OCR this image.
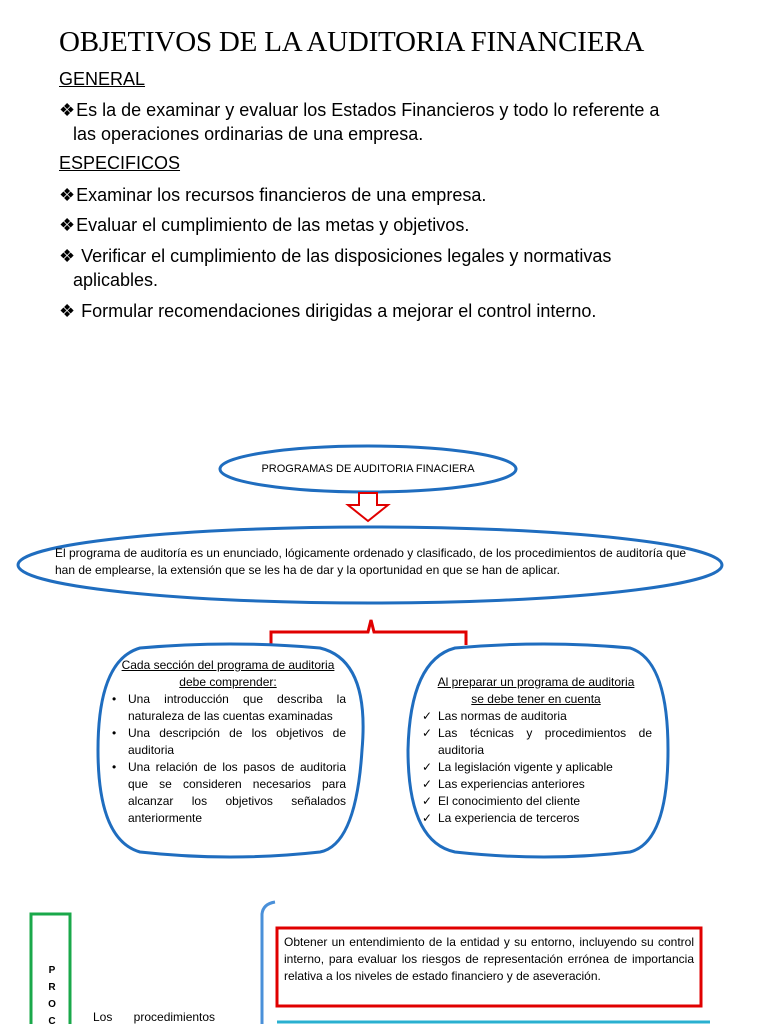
OBJETIVOS DE LA AUDITORIA FINANCIERA
GENERAL
❖Es la de examinar y evaluar los Estados Financieros y todo lo referente a
las operaciones ordinarias de una empresa.
ESPECIFICOS
❖Examinar los recursos financieros de una empresa.
❖Evaluar el cumplimiento de las metas y objetivos.
❖ Verificar el cumplimiento de las disposiciones legales y normativas
aplicables.
❖ Formular recomendaciones dirigidas a mejorar el control interno.
PROGRAMAS DE AUDITORIA FINACIERA
El programa de auditoría es un enunciado, lógicamente ordenado y clasificado, de los procedimientos de auditoría que han de emplearse, la extensión que se les ha de dar y la oportunidad en que se han de aplicar.
Cada sección del programa de auditoria
debe comprender:
• Una introducción que describa la naturaleza de las cuentas examinadas
• Una descripción de los objetivos de auditoria
• Una relación de los pasos de auditoria que se consideren necesarios para alcanzar los objetivos señalados anteriormente
Al preparar un programa de auditoria
se debe tener en cuenta
✓ Las normas de auditoria
✓ Las técnicas y procedimientos de auditoria
✓ La legislación vigente y aplicable
✓ Las experiencias anteriores
✓ El conocimiento del cliente
✓ La experiencia de terceros
P
R
O
C	Los procedimientos
Obtener un entendimiento de la entidad y su entorno, incluyendo su control interno, para evaluar los riesgos de representación errónea de importancia relativa a los niveles de estado financiero y de aseveración.
